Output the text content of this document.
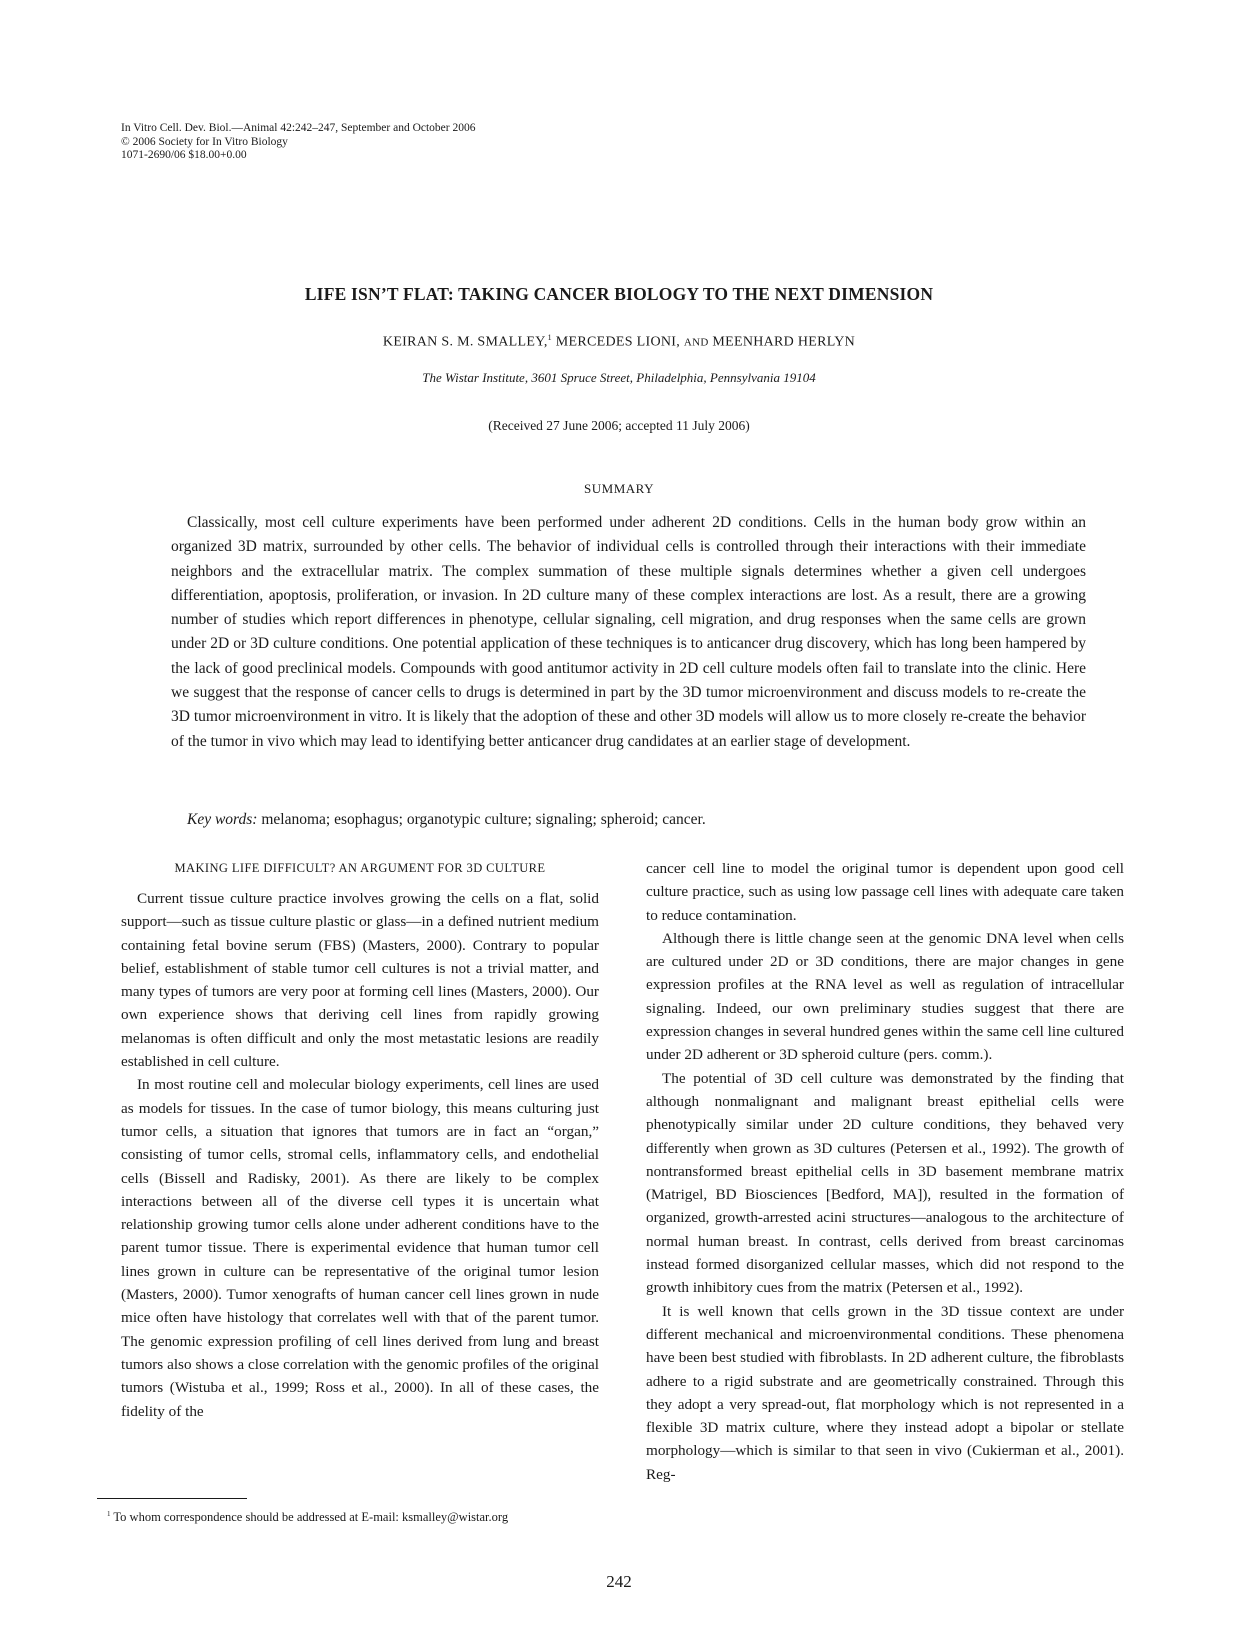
In Vitro Cell. Dev. Biol.—Animal 42:242–247, September and October 2006
© 2006 Society for In Vitro Biology
1071-2690/06 $18.00+0.00
LIFE ISN’T FLAT: TAKING CANCER BIOLOGY TO THE NEXT DIMENSION
KEIRAN S. M. SMALLEY,$^1$ MERCEDES LIONI, AND MEENHARD HERLYN
The Wistar Institute, 3601 Spruce Street, Philadelphia, Pennsylvania 19104
(Received 27 June 2006; accepted 11 July 2006)
SUMMARY
Classically, most cell culture experiments have been performed under adherent 2D conditions. Cells in the human body grow within an organized 3D matrix, surrounded by other cells. The behavior of individual cells is controlled through their interactions with their immediate neighbors and the extracellular matrix. The complex summation of these multiple signals determines whether a given cell undergoes differentiation, apoptosis, proliferation, or invasion. In 2D culture many of these complex interactions are lost. As a result, there are a growing number of studies which report differences in phenotype, cellular signaling, cell migration, and drug responses when the same cells are grown under 2D or 3D culture conditions. One potential application of these techniques is to anticancer drug discovery, which has long been hampered by the lack of good preclinical models. Compounds with good antitumor activity in 2D cell culture models often fail to translate into the clinic. Here we suggest that the response of cancer cells to drugs is determined in part by the 3D tumor microenvironment and discuss models to re-create the 3D tumor microenvironment in vitro. It is likely that the adoption of these and other 3D models will allow us to more closely re-create the behavior of the tumor in vivo which may lead to identifying better anticancer drug candidates at an earlier stage of development.
Key words: melanoma; esophagus; organotypic culture; signaling; spheroid; cancer.
MAKING LIFE DIFFICULT? AN ARGUMENT FOR 3D CULTURE

Current tissue culture practice involves growing the cells on a flat, solid support—such as tissue culture plastic or glass—in a defined nutrient medium containing fetal bovine serum (FBS) (Masters, 2000). Contrary to popular belief, establishment of stable tumor cell cultures is not a trivial matter, and many types of tumors are very poor at forming cell lines (Masters, 2000). Our own experience shows that deriving cell lines from rapidly growing melanomas is often difficult and only the most metastatic lesions are readily established in cell culture.

In most routine cell and molecular biology experiments, cell lines are used as models for tissues. In the case of tumor biology, this means culturing just tumor cells, a situation that ignores that tumors are in fact an “organ,” consisting of tumor cells, stromal cells, inflammatory cells, and endothelial cells (Bissell and Radisky, 2001). As there are likely to be complex interactions between all of the diverse cell types it is uncertain what relationship growing tumor cells alone under adherent conditions have to the parent tumor tissue. There is experimental evidence that human tumor cell lines grown in culture can be representative of the original tumor lesion (Masters, 2000). Tumor xenografts of human cancer cell lines grown in nude mice often have histology that correlates well with that of the parent tumor. The genomic expression profiling of cell lines derived from lung and breast tumors also shows a close correlation with the genomic profiles of the original tumors (Wistuba et al., 1999; Ross et al., 2000). In all of these cases, the fidelity of the

cancer cell line to model the original tumor is dependent upon good cell culture practice, such as using low passage cell lines with adequate care taken to reduce contamination.

Although there is little change seen at the genomic DNA level when cells are cultured under 2D or 3D conditions, there are major changes in gene expression profiles at the RNA level as well as regulation of intracellular signaling. Indeed, our own preliminary studies suggest that there are expression changes in several hundred genes within the same cell line cultured under 2D adherent or 3D spheroid culture (pers. comm.).

The potential of 3D cell culture was demonstrated by the finding that although nonmalignant and malignant breast epithelial cells were phenotypically similar under 2D culture conditions, they behaved very differently when grown as 3D cultures (Petersen et al., 1992). The growth of nontransformed breast epithelial cells in 3D basement membrane matrix (Matrigel, BD Biosciences [Bedford, MA]), resulted in the formation of organized, growth-arrested acini structures—analogous to the architecture of normal human breast. In contrast, cells derived from breast carcinomas instead formed disorganized cellular masses, which did not respond to the growth inhibitory cues from the matrix (Petersen et al., 1992).

It is well known that cells grown in the 3D tissue context are under different mechanical and microenvironmental conditions. These phenomena have been best studied with fibroblasts. In 2D adherent culture, the fibroblasts adhere to a rigid substrate and are geometrically constrained. Through this they adopt a very spread-out, flat morphology which is not represented in a flexible 3D matrix culture, where they instead adopt a bipolar or stellate morphology—which is similar to that seen in vivo (Cukierman et al., 2001). Reg-

$^1$ To whom correspondence should be addressed at E-mail: ksmalley@wistar.org
242
